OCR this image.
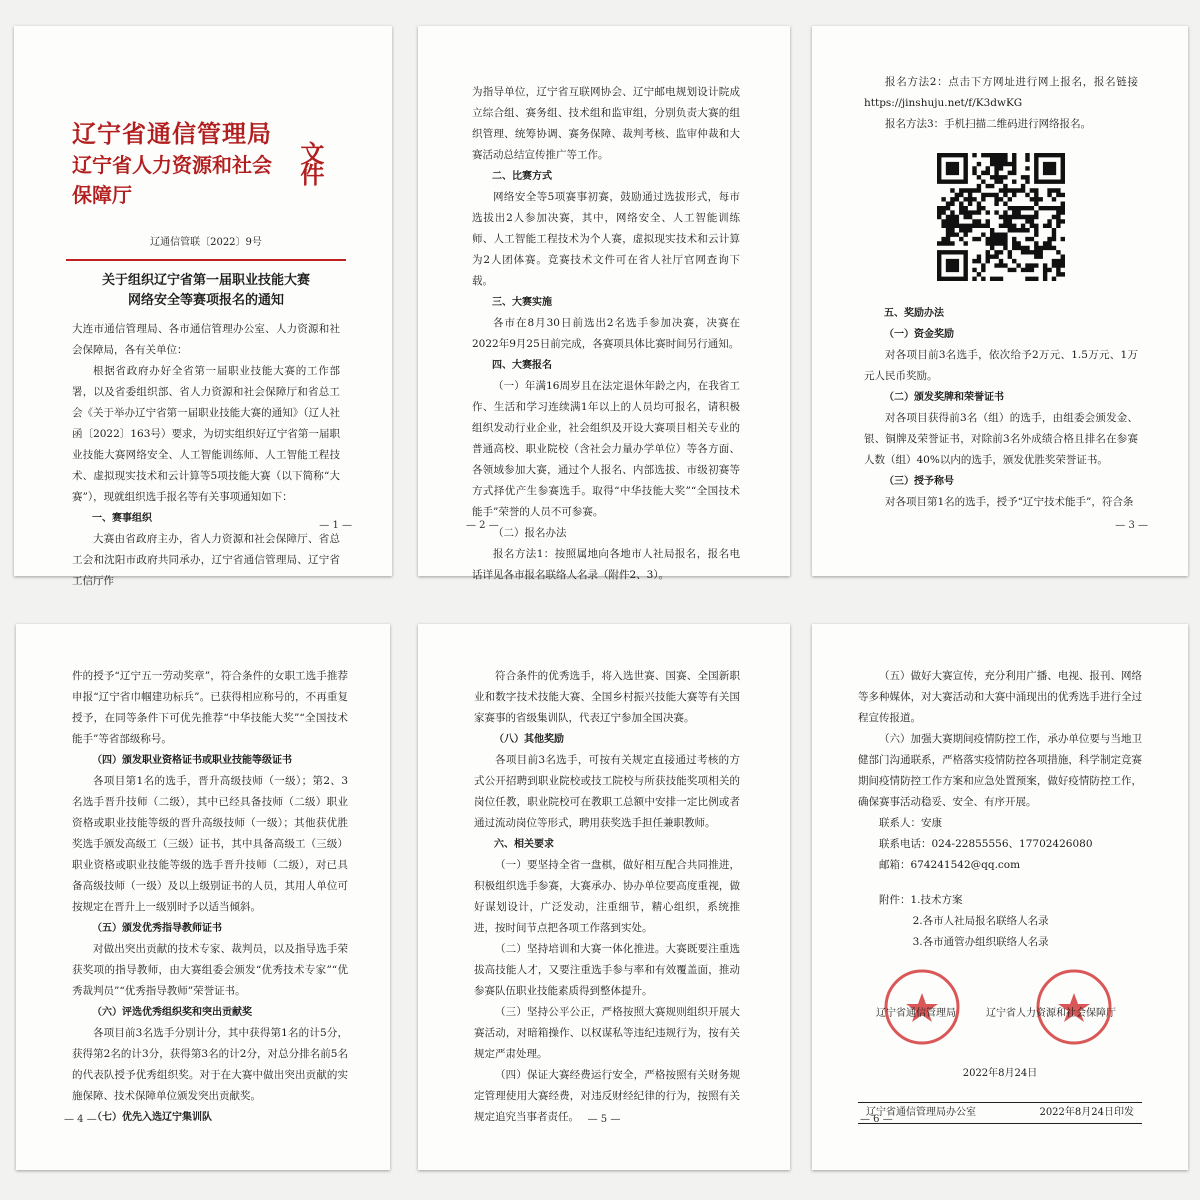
辽宁省通信管理局
辽宁省人力资源和社会保障厅
文件
辽通信管联〔2022〕9号
关于组织辽宁省第一届职业技能大赛
网络安全等赛项报名的通知

大连市通信管理局、各市通信管理办公室、人力资源和社会保障局，各有关单位：

根据省政府办好全省第一届职业技能大赛的工作部署，以及省委组织部、省人力资源和社会保障厅和省总工会《关于举办辽宁省第一届职业技能大赛的通知》（辽人社函〔2022〕163号）要求，为切实组织好辽宁省第一届职业技能大赛网络安全、人工智能训练师、人工智能工程技术、虚拟现实技术和云计算等5项技能大赛（以下简称“大赛”），现就组织选手报名等有关事项通知如下：

一、赛事组织

大赛由省政府主办，省人力资源和社会保障厅、省总工会和沈阳市政府共同承办，辽宁省通信管理局、辽宁省工信厅作

— 1 —

为指导单位，辽宁省互联网协会、辽宁邮电规划设计院成立综合组、赛务组、技术组和监审组，分别负责大赛的组织管理、统筹协调、赛务保障、裁判考核、监审仲裁和大赛活动总结宣传推广等工作。

二、比赛方式

网络安全等5项赛事初赛，鼓励通过选拔形式，每市选拔出2人参加决赛，其中，网络安全、人工智能训练师、人工智能工程技术为个人赛，虚拟现实技术和云计算为2人团体赛。竞赛技术文件可在省人社厅官网查询下载。

三、大赛实施

各市在8月30日前选出2名选手参加决赛，决赛在2022年9月25日前完成，各赛项具体比赛时间另行通知。

四、大赛报名

（一）年满16周岁且在法定退休年龄之内，在我省工作、生活和学习连续满1年以上的人员均可报名，请积极组织发动行业企业，社会组织及开设大赛项目相关专业的普通高校、职业院校（含社会力量办学单位）等各方面、各领域参加大赛，通过个人报名、内部选拔、市级初赛等方式择优产生参赛选手。取得“中华技能大奖”“全国技术能手”荣誉的人员不可参赛。

（二）报名办法

报名方法1：按照属地向各地市人社局报名，报名电话详见各市报名联络人名录（附件2、3）。

— 2 —

报名方法2：点击下方网址进行网上报名，报名链接https://jinshuju.net/f/K3dwKG

报名方法3：手机扫描二维码进行网络报名。

五、奖励办法

（一）资金奖励

对各项目前3名选手，依次给予2万元、1.5万元、1万元人民币奖励。

（二）颁发奖牌和荣誉证书

对各项目获得前3名（组）的选手，由组委会颁发金、银、铜牌及荣誉证书，对除前3名外成绩合格且排名在参赛人数（组）40%以内的选手，颁发优胜奖荣誉证书。

（三）授予称号

对各项目第1名的选手，授予“辽宁技术能手”，符合条

— 3 —

件的授予“辽宁五一劳动奖章”，符合条件的女职工选手推荐申报“辽宁省巾帼建功标兵”。已获得相应称号的，不再重复授予，在同等条件下可优先推荐“中华技能大奖”“全国技术能手”等省部级称号。

（四）颁发职业资格证书或职业技能等级证书

各项目第1名的选手，晋升高级技师（一级）；第2、3名选手晋升技师（二级），其中已经具备技师（二级）职业资格或职业技能等级的晋升高级技师（一级）；其他获优胜奖选手颁发高级工（三级）证书，其中具备高级工（三级）职业资格或职业技能等级的选手晋升技师（二级），对已具备高级技师（一级）及以上级别证书的人员，其用人单位可按规定在晋升上一级别时予以适当倾斜。

（五）颁发优秀指导教师证书

对做出突出贡献的技术专家、裁判员，以及指导选手荣获奖项的指导教师，由大赛组委会颁发“优秀技术专家”“优秀裁判员”“优秀指导教师”荣誉证书。

（六）评选优秀组织奖和突出贡献奖

各项目前3名选手分别计分，其中获得第1名的计5分，获得第2名的计3分，获得第3名的计2分，对总分排名前5名的代表队授予优秀组织奖。对于在大赛中做出突出贡献的实施保障、技术保障单位颁发突出贡献奖。

（七）优先入选辽宁集训队

— 4 —

符合条件的优秀选手，将入选世赛、国赛、全国新职业和数字技术技能大赛、全国乡村振兴技能大赛等有关国家赛事的省级集训队，代表辽宁参加全国决赛。

（八）其他奖励

各项目前3名选手，可按有关规定直接通过考核的方式公开招聘到职业院校或技工院校与所获技能奖项相关的岗位任教，职业院校可在教职工总额中安排一定比例或者通过流动岗位等形式，聘用获奖选手担任兼职教师。

六、相关要求

（一）要坚持全省一盘棋，做好相互配合共同推进，积极组织选手参赛，大赛承办、协办单位要高度重视，做好谋划设计，广泛发动，注重细节，精心组织，系统推进，按时间节点把各项工作落到实处。

（二）坚持培训和大赛一体化推进。大赛既要注重选拔高技能人才，又要注重选手参与率和有效覆盖面，推动参赛队伍职业技能素质得到整体提升。

（三）坚持公平公正，严格按照大赛规则组织开展大赛活动，对暗箱操作、以权谋私等违纪违规行为，按有关规定严肃处理。

（四）保证大赛经费运行安全，严格按照有关财务规定管理使用大赛经费，对违反财经纪律的行为，按照有关规定追究当事者责任。 — 5 —

（五）做好大赛宣传，充分利用广播、电视、报刊、网络等多种媒体，对大赛活动和大赛中涌现出的优秀选手进行全过程宣传报道。

（六）加强大赛期间疫情防控工作，承办单位要与当地卫健部门沟通联系，严格落实疫情防控各项措施，科学制定竞赛期间疫情防控工作方案和应急处置预案，做好疫情防控工作，确保赛事活动稳妥、安全、有序开展。

联系人：安康

联系电话：024-22855556、17702426080

邮箱：674241542@qq.com

附件：1.技术方案

2.各市人社局报名联络人名录

3.各市通管办组织联络人名录

辽宁省通信管理局	辽宁省人力资源和社会保障厅
2022年8月24日
辽宁省通信管理局办公室	2022年8月24日印发
— 6 —
